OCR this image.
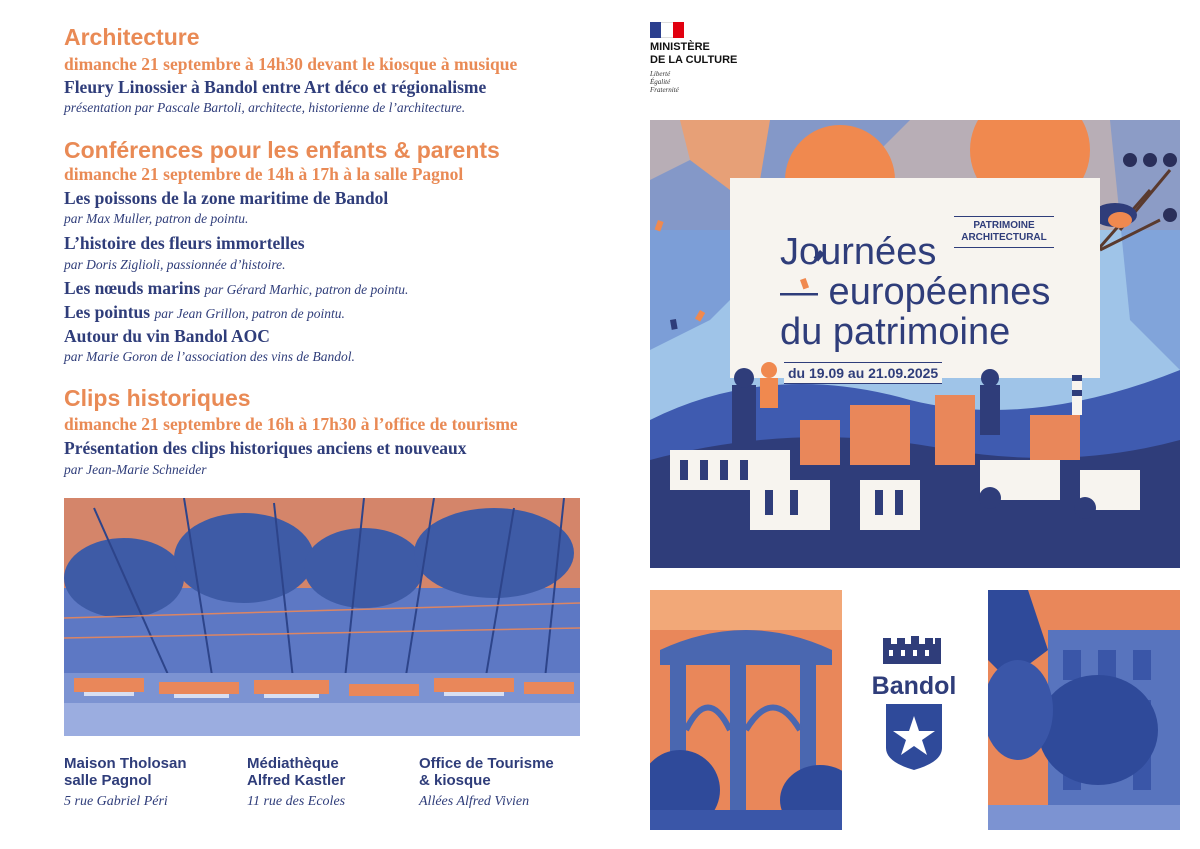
Architecture
dimanche 21 septembre à 14h30 devant le kiosque à musique
Fleury Linossier à Bandol entre Art déco et régionalisme
présentation par Pascale Bartoli, architecte, historienne de l’architecture.
Conférences pour les enfants & parents
dimanche 21 septembre de 14h à 17h à la salle Pagnol
Les poissons de la zone maritime de Bandol
par Max Muller, patron de pointu.
L’histoire des fleurs immortelles
par Doris Ziglioli, passionnée d’histoire.
Les nœuds marins par Gérard Marhic, patron de pointu.
Les pointus par Jean Grillon, patron de pointu.
Autour du vin Bandol AOC
par Marie Goron de l’association des vins de Bandol.
Clips historiques
dimanche 21 septembre de 16h à 17h30 à l’office de tourisme
Présentation des clips historiques anciens et nouveaux
par Jean-Marie Schneider
Maison Tholosan
salle Pagnol
5 rue Gabriel Péri
Médiathèque
Alfred Kastler
11 rue des Ecoles
Office de Tourisme
& kiosque
Allées Alfred Vivien
MINISTÈRE
DE LA CULTURE
Liberté
Égalité
Fraternité
PATRIMOINE
ARCHITECTURAL
Journées
— européennes
du patrimoine
du 19.09 au 21.09.2025
Bandol
